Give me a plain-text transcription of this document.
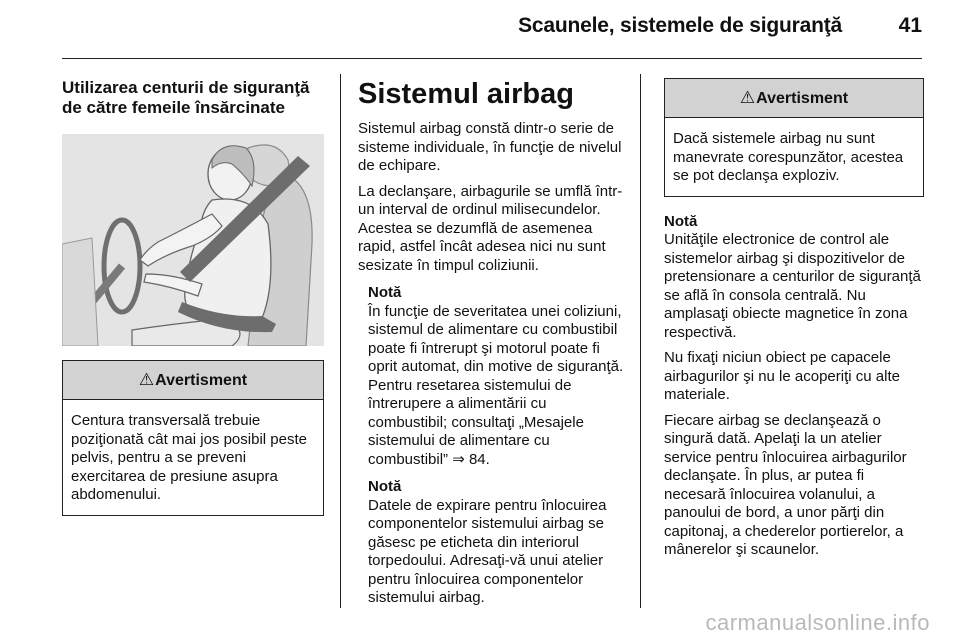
Scaunele, sistemele de siguranţă	41
Utilizarea centurii de siguranţă de către femeile însărcinate
⚠Avertisment
Centura transversală trebuie poziţionată cât mai jos posibil peste pelvis, pentru a se preveni exercitarea de presiune asupra abdomenului.
Sistemul airbag

Sistemul airbag constă dintr-o serie de sisteme individuale, în funcţie de nivelul de echipare.

La declanşare, airbagurile se umflă într-un interval de ordinul milisecundelor. Acestea se dezumflă de asemenea rapid, astfel încât adesea nici nu sunt sesizate în timpul coliziunii.

Notă

În funcţie de severitatea unei coliziuni, sistemul de alimentare cu combustibil poate fi întrerupt şi motorul poate fi oprit automat, din motive de siguranţă. Pentru resetarea sistemului de întrerupere a alimentării cu combustibil; consultaţi „Mesajele sistemului de alimentare cu combustibil” ⇒ 84.

Notă

Datele de expirare pentru înlocuirea componentelor sistemului airbag se găsesc pe eticheta din interiorul torpedoului. Adresaţi-vă unui atelier pentru înlocuirea componentelor sistemului airbag.

⚠Avertisment
Dacă sistemele airbag nu sunt manevrate corespunzător, acestea se pot declanşa exploziv.
Notă

Unităţile electronice de control ale sistemelor airbag şi dispozitivelor de pretensionare a centurilor de siguranţă se află în consola centrală. Nu amplasaţi obiecte magnetice în zona respectivă.

Nu fixaţi niciun obiect pe capacele airbagurilor şi nu le acoperiţi cu alte materiale.

Fiecare airbag se declanşează o singură dată. Apelaţi la un atelier service pentru înlocuirea airbagurilor declanşate. În plus, ar putea fi necesară înlocuirea volanului, a panoului de bord, a unor părţi din capitonaj, a chederelor portierelor, a mânerelor şi scaunelor.

carmanualsonline.info
